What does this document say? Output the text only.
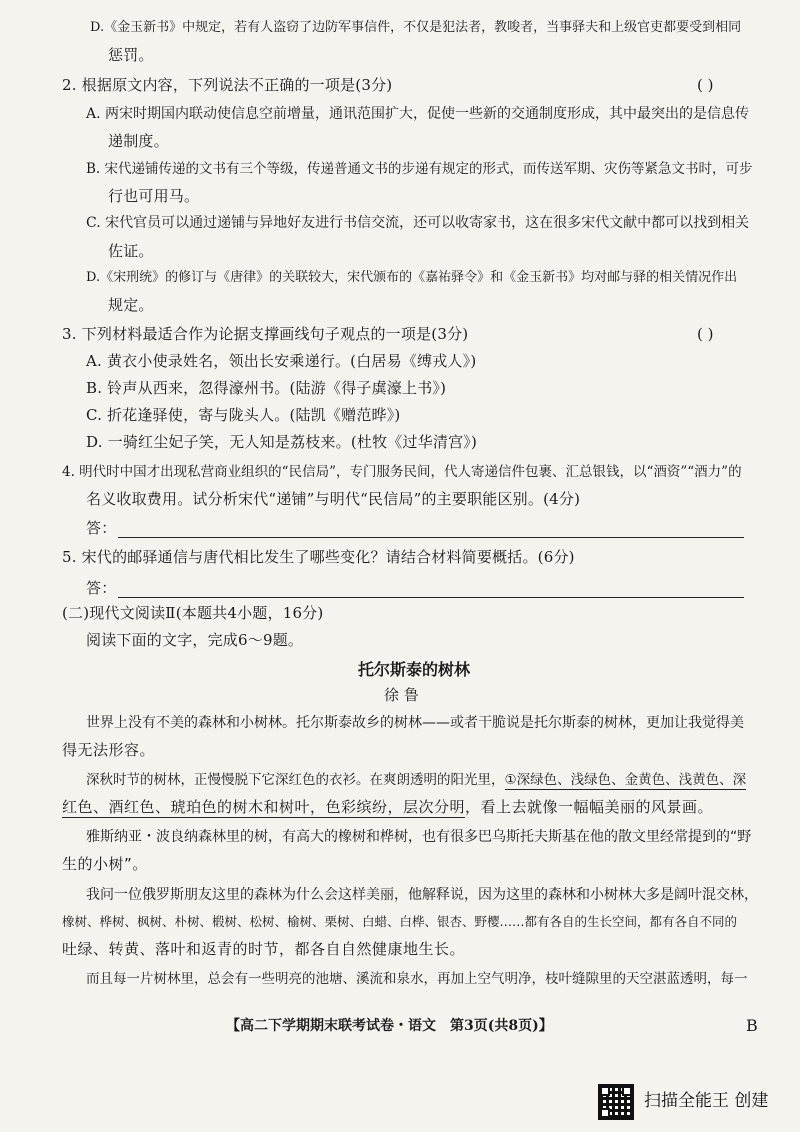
D.《金玉新书》中规定，若有人盗窃了边防军事信件，不仅是犯法者，教唆者，当事驿夫和上级官吏都要受到相同
惩罚。
2. 根据原文内容，下列说法不正确的一项是(3分)	( )
A. 两宋时期国内联动使信息空前增量，通讯范围扩大，促使一些新的交通制度形成，其中最突出的是信息传
递制度。
B. 宋代递铺传递的文书有三个等级，传递普通文书的步递有规定的形式，而传送军期、灾伤等紧急文书时，可步
行也可用马。
C. 宋代官员可以通过递铺与异地好友进行书信交流，还可以收寄家书，这在很多宋代文献中都可以找到相关
佐证。
D.《宋刑统》的修订与《唐律》的关联较大，宋代颁布的《嘉祐驿令》和《金玉新书》均对邮与驿的相关情况作出
规定。
3. 下列材料最适合作为论据支撑画线句子观点的一项是(3分)	( )
A. 黄衣小使录姓名，领出长安乘递行。(白居易《缚戎人》)
B. 铃声从西来，忽得濠州书。(陆游《得子虡濠上书》)
C. 折花逢驿使，寄与陇头人。(陆凯《赠范晔》)
D. 一骑红尘妃子笑，无人知是荔枝来。(杜牧《过华清宫》)
4. 明代时中国才出现私营商业组织的“民信局”，专门服务民间，代人寄递信件包裹、汇总银钱，以“酒资”“酒力”的
名义收取费用。试分析宋代“递铺”与明代“民信局”的主要职能区别。(4分)
答：
5. 宋代的邮驿通信与唐代相比发生了哪些变化？请结合材料简要概括。(6分)
答：
(二)现代文阅读Ⅱ(本题共4小题，16分)
阅读下面的文字，完成6～9题。
托尔斯泰的树林
徐 鲁
世界上没有不美的森林和小树林。托尔斯泰故乡的树林——或者干脆说是托尔斯泰的树林，更加让我觉得美
得无法形容。
深秋时节的树林，正慢慢脱下它深红色的衣衫。在爽朗透明的阳光里，①深绿色、浅绿色、金黄色、浅黄色、深
红色、酒红色、琥珀色的树木和树叶，色彩缤纷，层次分明，看上去就像一幅幅美丽的风景画。
雅斯纳亚・波良纳森林里的树，有高大的橡树和桦树，也有很多巴乌斯托夫斯基在他的散文里经常提到的“野
生的小树”。
我问一位俄罗斯朋友这里的森林为什么会这样美丽，他解释说，因为这里的森林和小树林大多是阔叶混交林，
橡树、桦树、枫树、朴树、椴树、松树、榆树、栗树、白蜡、白桦、银杏、野樱……都有各自的生长空间，都有各自不同的
吐绿、转黄、落叶和返青的时节，都各自自然健康地生长。
而且每一片树林里，总会有一些明亮的池塘、溪流和泉水，再加上空气明净，枝叶缝隙里的天空湛蓝透明，每一
【高二下学期期末联考试卷・语文　第3页(共8页)】	B
扫描全能王 创建
